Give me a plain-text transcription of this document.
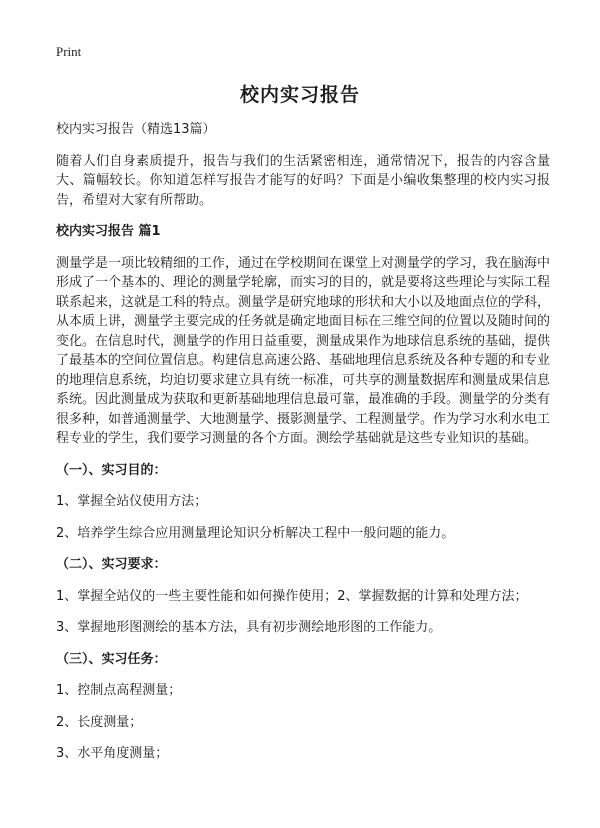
Print
校内实习报告

校内实习报告（精选13篇）

随着人们自身素质提升，报告与我们的生活紧密相连，通常情况下，报告的内容含量大、篇幅较长。你知道怎样写报告才能写的好吗？下面是小编收集整理的校内实习报告，希望对大家有所帮助。

校内实习报告 篇1

测量学是一项比较精细的工作，通过在学校期间在课堂上对测量学的学习，我在脑海中形成了一个基本的、理论的测量学轮廓，而实习的目的，就是要将这些理论与实际工程联系起来，这就是工科的特点。测量学是研究地球的形状和大小以及地面点位的学科，从本质上讲，测量学主要完成的任务就是确定地面目标在三维空间的位置以及随时间的变化。在信息时代，测量学的作用日益重要，测量成果作为地球信息系统的基础，提供了最基本的空间位置信息。构建信息高速公路、基础地理信息系统及各种专题的和专业的地理信息系统，均迫切要求建立具有统一标准，可共享的测量数据库和测量成果信息系统。因此测量成为获取和更新基础地理信息最可靠，最准确的手段。测量学的分类有很多种，如普通测量学、大地测量学、摄影测量学、工程测量学。作为学习水利水电工程专业的学生，我们要学习测量的各个方面。测绘学基础就是这些专业知识的基础。

（一）、实习目的：

1、掌握全站仪使用方法；

2、培养学生综合应用测量理论知识分析解决工程中一般问题的能力。

（二）、实习要求：

1、掌握全站仪的一些主要性能和如何操作使用；2、掌握数据的计算和处理方法；

3、掌握地形图测绘的基本方法，具有初步测绘地形图的工作能力。

（三）、实习任务：

1、控制点高程测量；

2、长度测量；

3、水平角度测量；
